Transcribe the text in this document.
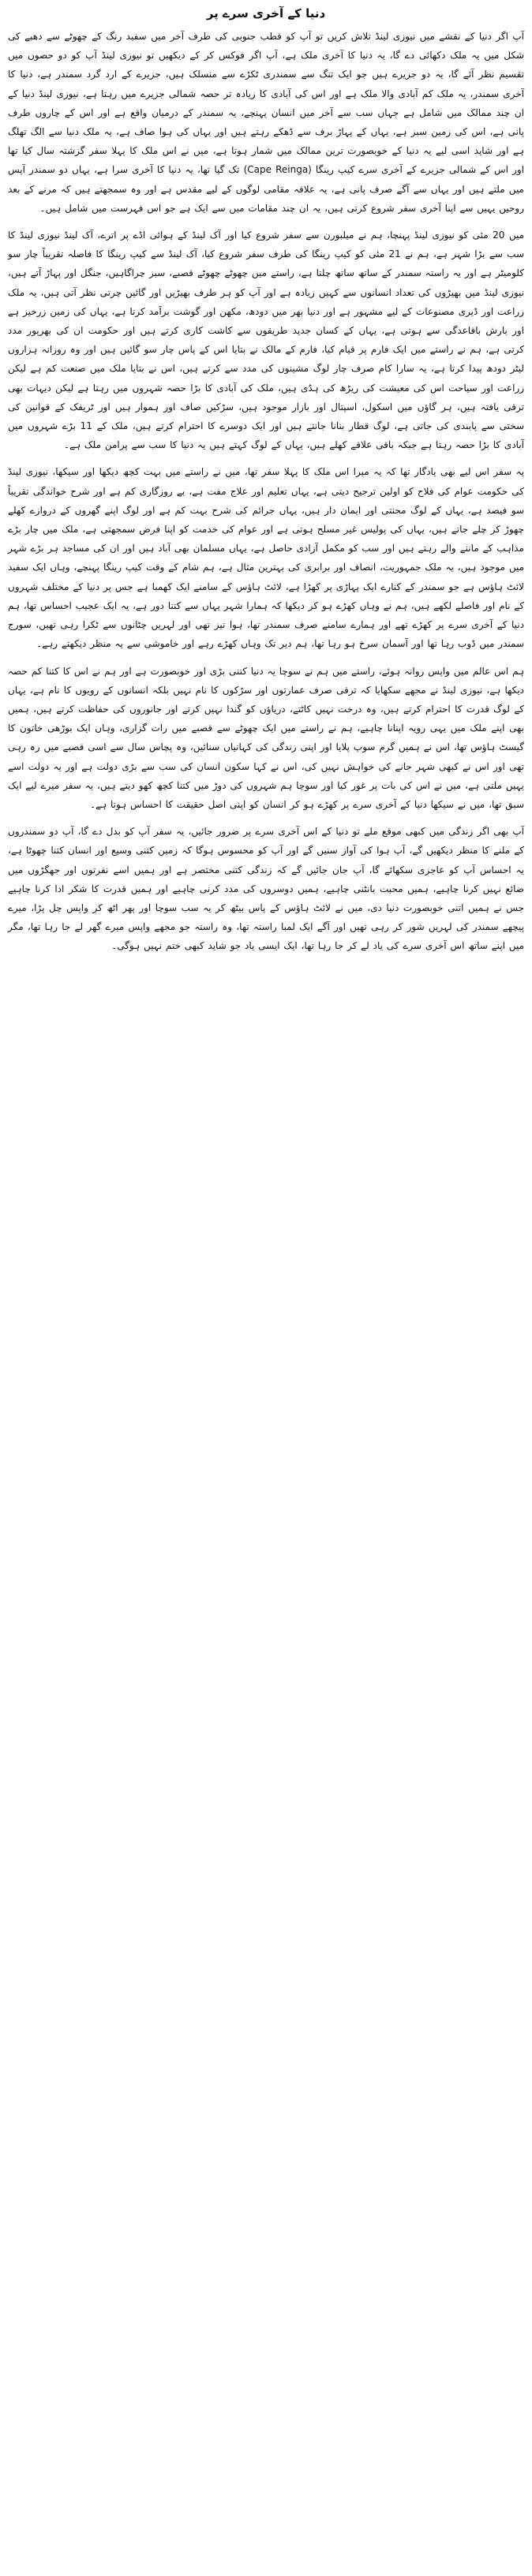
دنیا کے آخری سرے پر

آپ اگر دنیا کے نقشے میں نیوزی لینڈ تلاش کریں تو آپ کو قطب جنوبی کی طرف آخر میں سفید رنگ کے چھوٹے سے دھبے کی شکل میں یہ ملک دکھائی دے گا، یہ دنیا کا آخری ملک ہے، آپ اگر فوکس کر کے دیکھیں تو نیوزی لینڈ آپ کو دو حصوں میں تقسیم نظر آئے گا، یہ دو جزیرے ہیں جو ایک تنگ سے سمندری ٹکڑے سے منسلک ہیں، جزیرے کے ارد گرد سمندر ہے، دنیا کا آخری سمندر، یہ ملک کم آبادی والا ملک ہے اور اس کی آبادی کا زیادہ تر حصہ شمالی جزیرے میں رہتا ہے، نیوزی لینڈ دنیا کے ان چند ممالک میں شامل ہے جہاں سب سے آخر میں انسان پہنچے، یہ سمندر کے درمیان واقع ہے اور اس کے چاروں طرف پانی ہے، اس کی زمین سبز ہے، یہاں کے پہاڑ برف سے ڈھکے رہتے ہیں اور یہاں کی ہوا صاف ہے، یہ ملک دنیا سے الگ تھلگ ہے اور شاید اسی لیے یہ دنیا کے خوبصورت ترین ممالک میں شمار ہوتا ہے، میں نے اس ملک کا پہلا سفر گزشتہ سال کیا تھا اور اس کے شمالی جزیرے کے آخری سرے کیپ رینگا (Cape Reinga) تک گیا تھا، یہ دنیا کا آخری سرا ہے، یہاں دو سمندر آپس میں ملتے ہیں اور یہاں سے آگے صرف پانی ہے، یہ علاقہ مقامی لوگوں کے لیے مقدس ہے اور وہ سمجھتے ہیں کہ مرنے کے بعد روحیں یہیں سے اپنا آخری سفر شروع کرتی ہیں، یہ ان چند مقامات میں سے ایک ہے جو اس فہرست میں شامل ہیں۔

میں 20 مئی کو نیوزی لینڈ پہنچا، ہم نے میلبورن سے سفر شروع کیا اور آک لینڈ کے ہوائی اڈے پر اترے، آک لینڈ نیوزی لینڈ کا سب سے بڑا شہر ہے، ہم نے 21 مئی کو کیپ رینگا کی طرف سفر شروع کیا، آک لینڈ سے کیپ رینگا کا فاصلہ تقریباً چار سو کلومیٹر ہے اور یہ راستہ سمندر کے ساتھ ساتھ چلتا ہے، راستے میں چھوٹے چھوٹے قصبے، سبز چراگاہیں، جنگل اور پہاڑ آتے ہیں، نیوزی لینڈ میں بھیڑوں کی تعداد انسانوں سے کہیں زیادہ ہے اور آپ کو ہر طرف بھیڑیں اور گائیں چرتی نظر آتی ہیں، یہ ملک زراعت اور ڈیری مصنوعات کے لیے مشہور ہے اور دنیا بھر میں دودھ، مکھن اور گوشت برآمد کرتا ہے، یہاں کی زمین زرخیز ہے اور بارش باقاعدگی سے ہوتی ہے، یہاں کے کسان جدید طریقوں سے کاشت کاری کرتے ہیں اور حکومت ان کی بھرپور مدد کرتی ہے، ہم نے راستے میں ایک فارم پر قیام کیا، فارم کے مالک نے بتایا اس کے پاس چار سو گائیں ہیں اور وہ روزانہ ہزاروں لیٹر دودھ پیدا کرتا ہے، یہ سارا کام صرف چار لوگ مشینوں کی مدد سے کرتے ہیں، اس نے بتایا ملک میں صنعت کم ہے لیکن زراعت اور سیاحت اس کی معیشت کی ریڑھ کی ہڈی ہیں، ملک کی آبادی کا بڑا حصہ شہروں میں رہتا ہے لیکن دیہات بھی ترقی یافتہ ہیں، ہر گاؤں میں اسکول، اسپتال اور بازار موجود ہیں، سڑکیں صاف اور ہموار ہیں اور ٹریفک کے قوانین کی سختی سے پابندی کی جاتی ہے، لوگ قطار بنانا جانتے ہیں اور ایک دوسرے کا احترام کرتے ہیں، ملک کے 11 بڑے شہروں میں آبادی کا بڑا حصہ رہتا ہے جبکہ باقی علاقے کھلے ہیں، یہاں کے لوگ کہتے ہیں یہ دنیا کا سب سے پرامن ملک ہے۔

یہ سفر اس لیے بھی یادگار تھا کہ یہ میرا اس ملک کا پہلا سفر تھا، میں نے راستے میں بہت کچھ دیکھا اور سیکھا، نیوزی لینڈ کی حکومت عوام کی فلاح کو اولین ترجیح دیتی ہے، یہاں تعلیم اور علاج مفت ہے، بے روزگاری کم ہے اور شرح خواندگی تقریباً سو فیصد ہے، یہاں کے لوگ محنتی اور ایمان دار ہیں، یہاں جرائم کی شرح بہت کم ہے اور لوگ اپنے گھروں کے دروازے کھلے چھوڑ کر چلے جاتے ہیں، یہاں کی پولیس غیر مسلح ہوتی ہے اور عوام کی خدمت کو اپنا فرض سمجھتی ہے، ملک میں چار بڑے مذاہب کے ماننے والے رہتے ہیں اور سب کو مکمل آزادی حاصل ہے، یہاں مسلمان بھی آباد ہیں اور ان کی مساجد ہر بڑے شہر میں موجود ہیں، یہ ملک جمہوریت، انصاف اور برابری کی بہترین مثال ہے، ہم شام کے وقت کیپ رینگا پہنچے، وہاں ایک سفید لائٹ ہاؤس ہے جو سمندر کے کنارے ایک پہاڑی پر کھڑا ہے، لائٹ ہاؤس کے سامنے ایک کھمبا ہے جس پر دنیا کے مختلف شہروں کے نام اور فاصلے لکھے ہیں، ہم نے وہاں کھڑے ہو کر دیکھا کہ ہمارا شہر یہاں سے کتنا دور ہے، یہ ایک عجیب احساس تھا، ہم دنیا کے آخری سرے پر کھڑے تھے اور ہمارے سامنے صرف سمندر تھا، ہوا تیز تھی اور لہریں چٹانوں سے ٹکرا رہی تھیں، سورج سمندر میں ڈوب رہا تھا اور آسمان سرخ ہو رہا تھا، ہم دیر تک وہاں کھڑے رہے اور خاموشی سے یہ منظر دیکھتے رہے۔

ہم اس عالم میں واپس روانہ ہوئے، راستے میں ہم نے سوچا یہ دنیا کتنی بڑی اور خوبصورت ہے اور ہم نے اس کا کتنا کم حصہ دیکھا ہے، نیوزی لینڈ نے مجھے سکھایا کہ ترقی صرف عمارتوں اور سڑکوں کا نام نہیں بلکہ انسانوں کے رویوں کا نام ہے، یہاں کے لوگ قدرت کا احترام کرتے ہیں، وہ درخت نہیں کاٹتے، دریاؤں کو گندا نہیں کرتے اور جانوروں کی حفاظت کرتے ہیں، ہمیں بھی اپنے ملک میں یہی رویہ اپنانا چاہیے، ہم نے راستے میں ایک چھوٹے سے قصبے میں رات گزاری، وہاں ایک بوڑھی خاتون کا گیسٹ ہاؤس تھا، اس نے ہمیں گرم سوپ پلایا اور اپنی زندگی کی کہانیاں سنائیں، وہ پچاس سال سے اسی قصبے میں رہ رہی تھی اور اس نے کبھی شہر جانے کی خواہش نہیں کی، اس نے کہا سکون انسان کی سب سے بڑی دولت ہے اور یہ دولت اسے یہیں ملتی ہے، میں نے اس کی بات پر غور کیا اور سوچا ہم شہروں کی دوڑ میں کتنا کچھ کھو دیتے ہیں، یہ سفر میرے لیے ایک سبق تھا، میں نے سیکھا دنیا کے آخری سرے پر کھڑے ہو کر انسان کو اپنی اصل حقیقت کا احساس ہوتا ہے۔

آپ بھی اگر زندگی میں کبھی موقع ملے تو دنیا کے اس آخری سرے پر ضرور جائیں، یہ سفر آپ کو بدل دے گا، آپ دو سمندروں کے ملنے کا منظر دیکھیں گے، آپ ہوا کی آواز سنیں گے اور آپ کو محسوس ہوگا کہ زمین کتنی وسیع اور انسان کتنا چھوٹا ہے، یہ احساس آپ کو عاجزی سکھائے گا، آپ جان جائیں گے کہ زندگی کتنی مختصر ہے اور ہمیں اسے نفرتوں اور جھگڑوں میں ضائع نہیں کرنا چاہیے، ہمیں محبت بانٹنی چاہیے، ہمیں دوسروں کی مدد کرنی چاہیے اور ہمیں قدرت کا شکر ادا کرنا چاہیے جس نے ہمیں اتنی خوبصورت دنیا دی، میں نے لائٹ ہاؤس کے پاس بیٹھ کر یہ سب سوچا اور پھر اٹھ کر واپس چل پڑا، میرے پیچھے سمندر کی لہریں شور کر رہی تھیں اور آگے ایک لمبا راستہ تھا، وہ راستہ جو مجھے واپس میرے گھر لے جا رہا تھا، مگر میں اپنے ساتھ اس آخری سرے کی یاد لے کر جا رہا تھا، ایک ایسی یاد جو شاید کبھی ختم نہیں ہوگی۔
